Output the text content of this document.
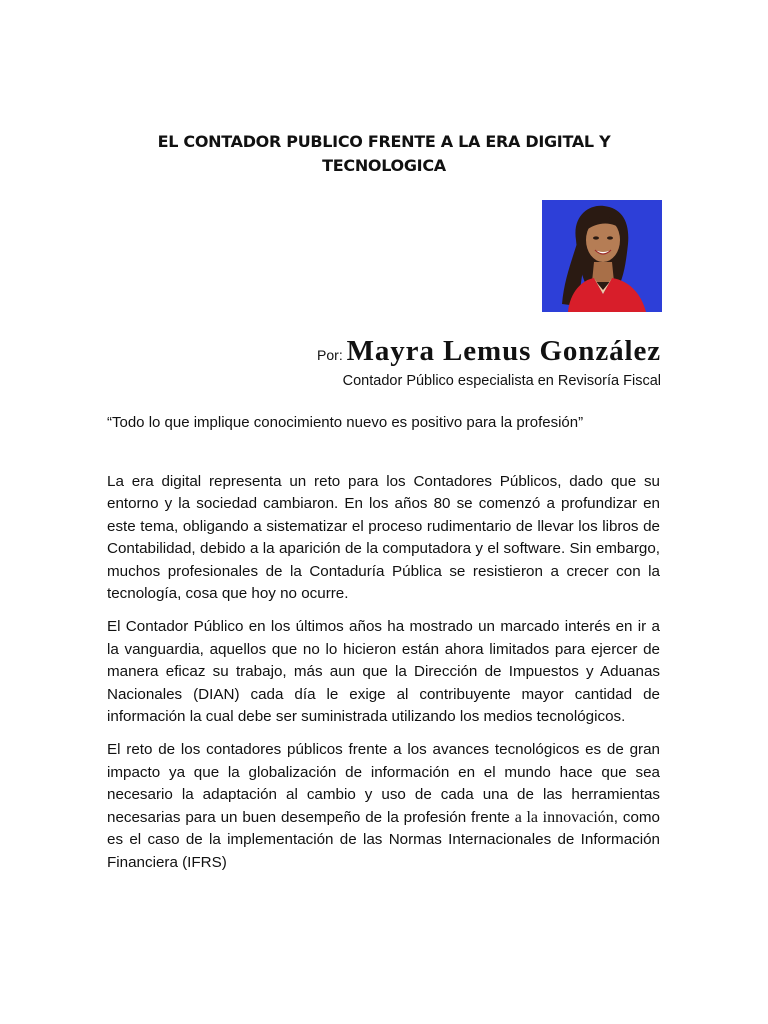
EL CONTADOR PUBLICO FRENTE A LA ERA DIGITAL Y
TECNOLOGICA
Por: Mayra Lemus González
Contador Público especialista en Revisoría Fiscal
“Todo lo que implique conocimiento nuevo es positivo para la profesión”

La era digital representa un reto para los Contadores Públicos, dado que su entorno y la sociedad cambiaron. En los años 80 se comenzó a profundizar en este tema, obligando a sistematizar el proceso rudimentario de llevar los libros de Contabilidad, debido a la aparición de la computadora y el software. Sin embargo, muchos profesionales de la Contaduría Pública se resistieron a crecer con la tecnología, cosa que hoy no ocurre.

El Contador Público en los últimos años ha mostrado un marcado interés en ir a la vanguardia, aquellos que no lo hicieron están ahora limitados para ejercer de manera eficaz su trabajo, más aun que la Dirección de Impuestos y Aduanas Nacionales (DIAN) cada día le exige al contribuyente mayor cantidad de información la cual debe ser suministrada utilizando los medios tecnológicos.

El reto de los contadores públicos frente a los avances tecnológicos es de gran impacto ya que la globalización de información en el mundo hace que sea necesario la adaptación al cambio y uso de cada una de las herramientas necesarias para un buen desempeño de la profesión frente a la innovación, como es el caso de la implementación de las Normas Internacionales de Información Financiera (IFRS)
